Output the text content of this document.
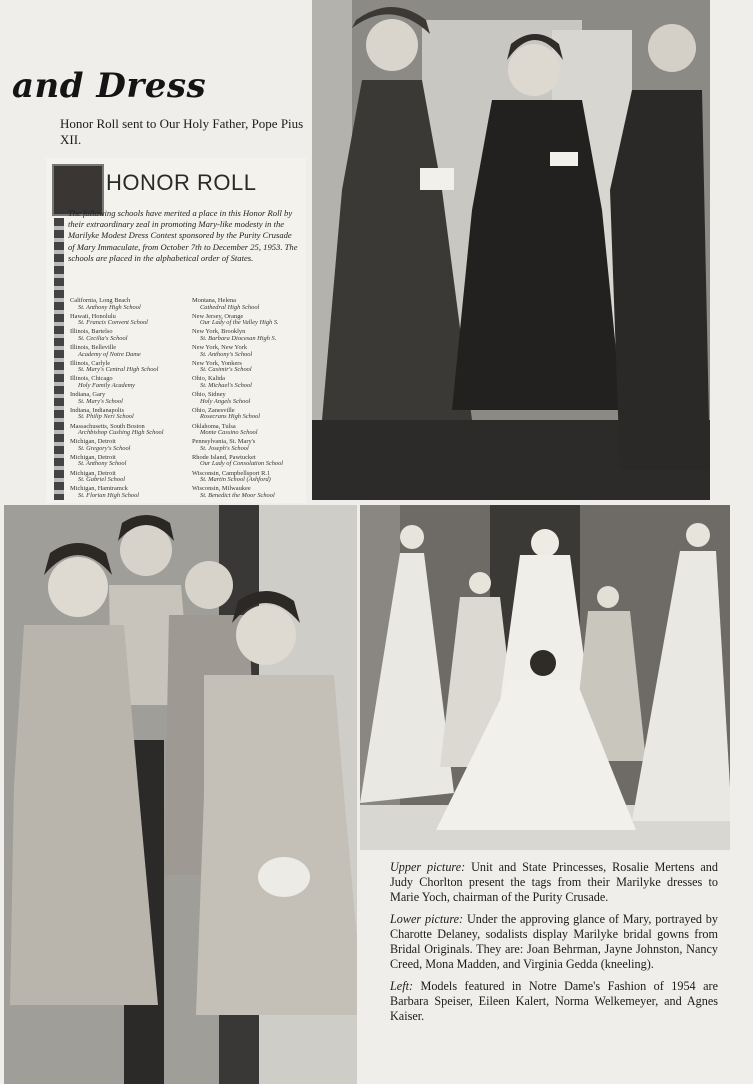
and Dress
Honor Roll sent to Our Holy Father, Pope Pius XII.
HONOR ROLL
The following schools have merited a place in this Honor Roll by their extraordinary zeal in promoting Mary-like modesty in the Marilyke Modest Dress Contest sponsored by the Purity Crusade of Mary Immaculate, from October 7th to December 25, 1953. The schools are placed in the alphabetical order of States.
California, Long Beach
St. Anthony High School
Hawaii, Honolulu
St. Francis Convent School
Illinois, Bartelso
St. Cecilia's School
Illinois, Belleville
Academy of Notre Dame
Illinois, Carlyle
St. Mary's Central High School
Illinois, Chicago
Holy Family Academy
Indiana, Gary
St. Mary's School
Indiana, Indianapolis
St. Philip Neri School
Massachusetts, South Boston
Archbishop Cushing High School
Michigan, Detroit
St. Gregory's School
Michigan, Detroit
St. Anthony School
Michigan, Detroit
St. Gabriel School
Michigan, Hamtramck
St. Florian High School
Montana, Helena
Cathedral High School
New Jersey, Orange
Our Lady of the Valley High S.
New York, Brooklyn
St. Barbara Diocesan High S.
New York, New York
St. Anthony's School
New York, Yonkers
St. Casimir's School
Ohio, Kalida
St. Michael's School
Ohio, Sidney
Holy Angels School
Ohio, Zanesville
Rosecrans High School
Oklahoma, Tulsa
Monte Cassino School
Pennsylvania, St. Mary's
St. Joseph's School
Rhode Island, Pawtucket
Our Lady of Consolation School
Wisconsin, Campbellsport R.1
St. Martin School (Ashford)
Wisconsin, Milwaukee
St. Benedict the Moor School

Upper picture: Unit and State Princesses, Rosalie Mertens and Judy Chorlton present the tags from their Marilyke dresses to Marie Yoch, chairman of the Purity Crusade.

Lower picture: Under the approving glance of Mary, portrayed by Charotte Delaney, sodalists display Marilyke bridal gowns from Bridal Originals. They are: Joan Behrman, Jayne Johnston, Nancy Creed, Mona Madden, and Virginia Gedda (kneeling).

Left: Models featured in Notre Dame's Fashion of 1954 are Barbara Speiser, Eileen Kalert, Norma Welkemeyer, and Agnes Kaiser.
